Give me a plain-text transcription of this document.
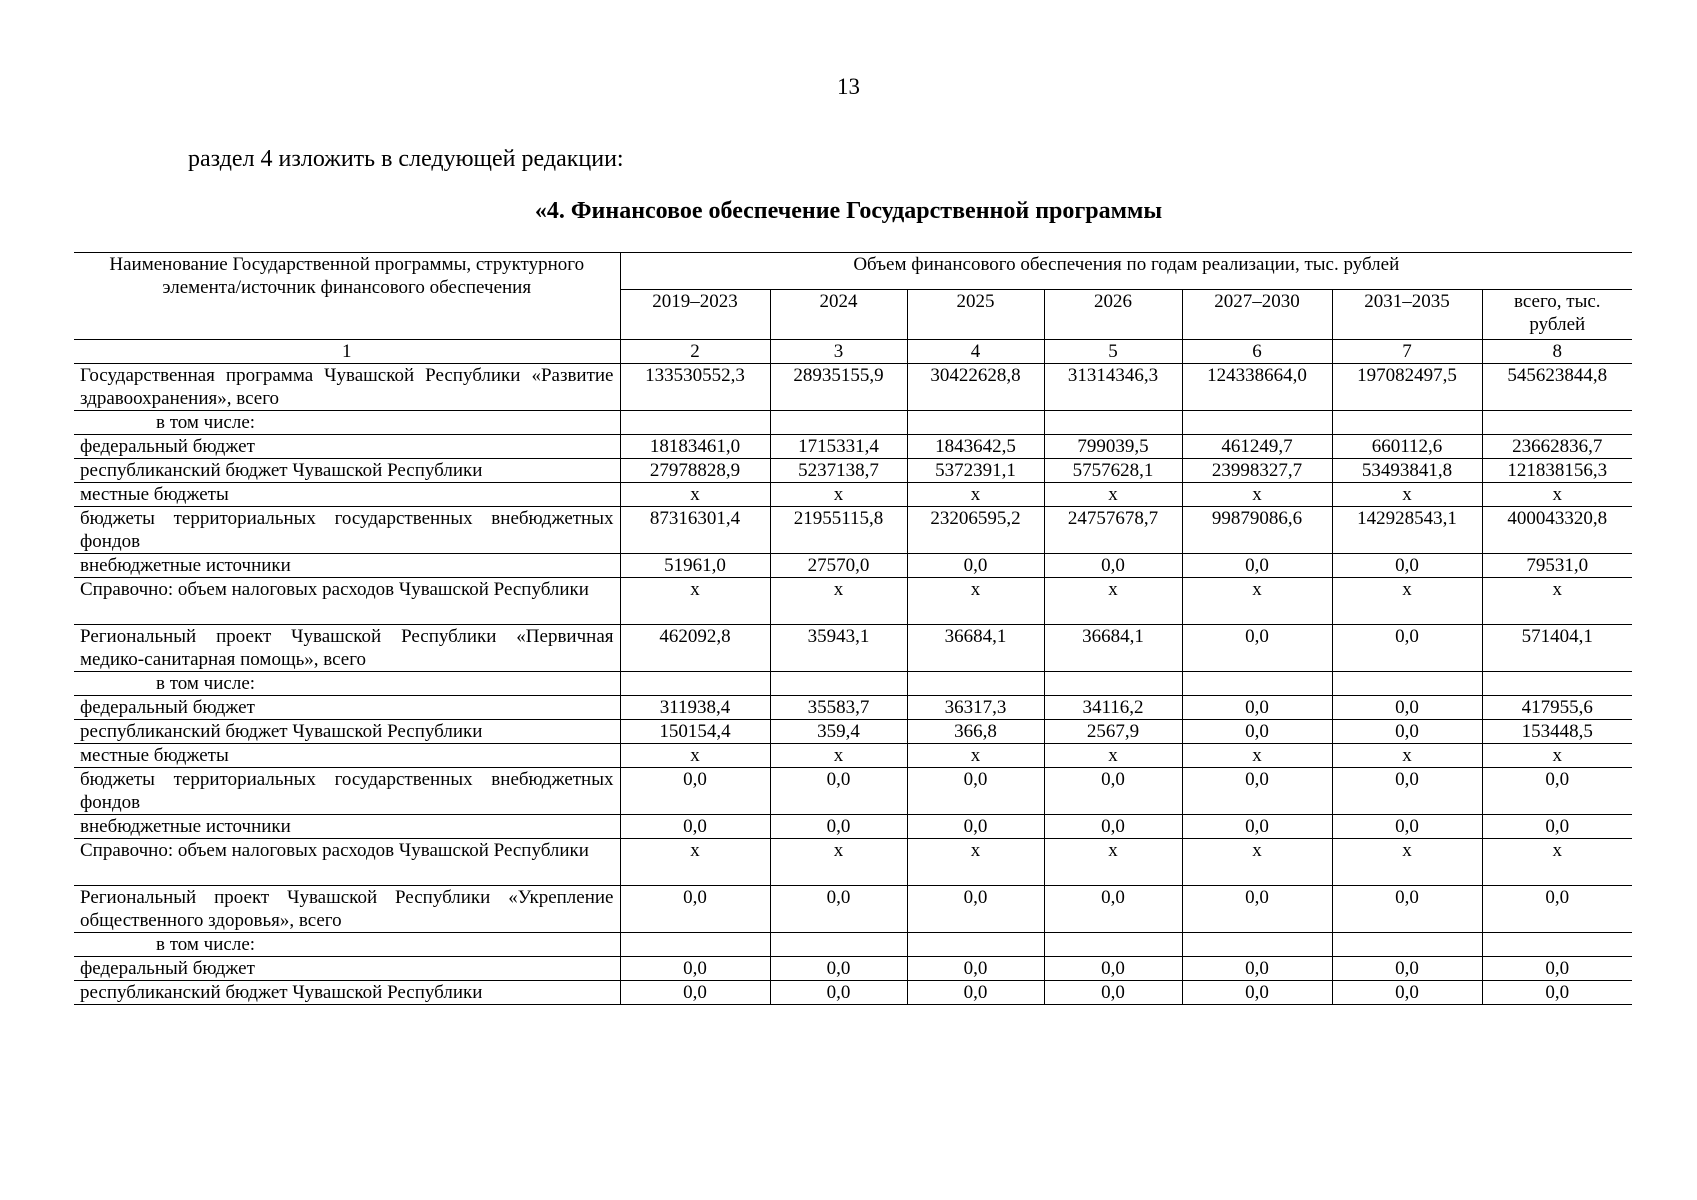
13
раздел 4 изложить в следующей редакции:
«4. Финансовое обеспечение Государственной программы
Наименование Государственной программы, структурного элемента/источник финансового обеспечения	Объем финансового обеспечения по годам реализации, тыс. рублей						
	2019–2023	2024	2025	2026	2027–2030	2031–2035	всего, тыс. рублей
1	2	3	4	5	6	7	8
Государственная программа Чувашской Республики «Развитие здравоохранения», всего	133530552,3	28935155,9	30422628,8	31314346,3	124338664,0	197082497,5	545623844,8
в том числе:							
федеральный бюджет	18183461,0	1715331,4	1843642,5	799039,5	461249,7	660112,6	23662836,7
республиканский бюджет Чувашской Республики	27978828,9	5237138,7	5372391,1	5757628,1	23998327,7	53493841,8	121838156,3
местные бюджеты	x	x	x	x	x	x	x
бюджеты территориальных государственных внебюджетных фондов	87316301,4	21955115,8	23206595,2	24757678,7	99879086,6	142928543,1	400043320,8
внебюджетные источники	51961,0	27570,0	0,0	0,0	0,0	0,0	79531,0
Справочно: объем налоговых расходов Чувашской Республики	x	x	x	x	x	x	x
Региональный проект Чувашской Республики «Первичная медико-санитарная помощь», всего	462092,8	35943,1	36684,1	36684,1	0,0	0,0	571404,1
в том числе:							
федеральный бюджет	311938,4	35583,7	36317,3	34116,2	0,0	0,0	417955,6
республиканский бюджет Чувашской Республики	150154,4	359,4	366,8	2567,9	0,0	0,0	153448,5
местные бюджеты	x	x	x	x	x	x	x
бюджеты территориальных государственных внебюджетных фондов	0,0	0,0	0,0	0,0	0,0	0,0	0,0
внебюджетные источники	0,0	0,0	0,0	0,0	0,0	0,0	0,0
Справочно: объем налоговых расходов Чувашской Республики	x	x	x	x	x	x	x
Региональный проект Чувашской Республики «Укрепление общественного здоровья», всего	0,0	0,0	0,0	0,0	0,0	0,0	0,0
в том числе:							
федеральный бюджет	0,0	0,0	0,0	0,0	0,0	0,0	0,0
республиканский бюджет Чувашской Республики	0,0	0,0	0,0	0,0	0,0	0,0	0,0
